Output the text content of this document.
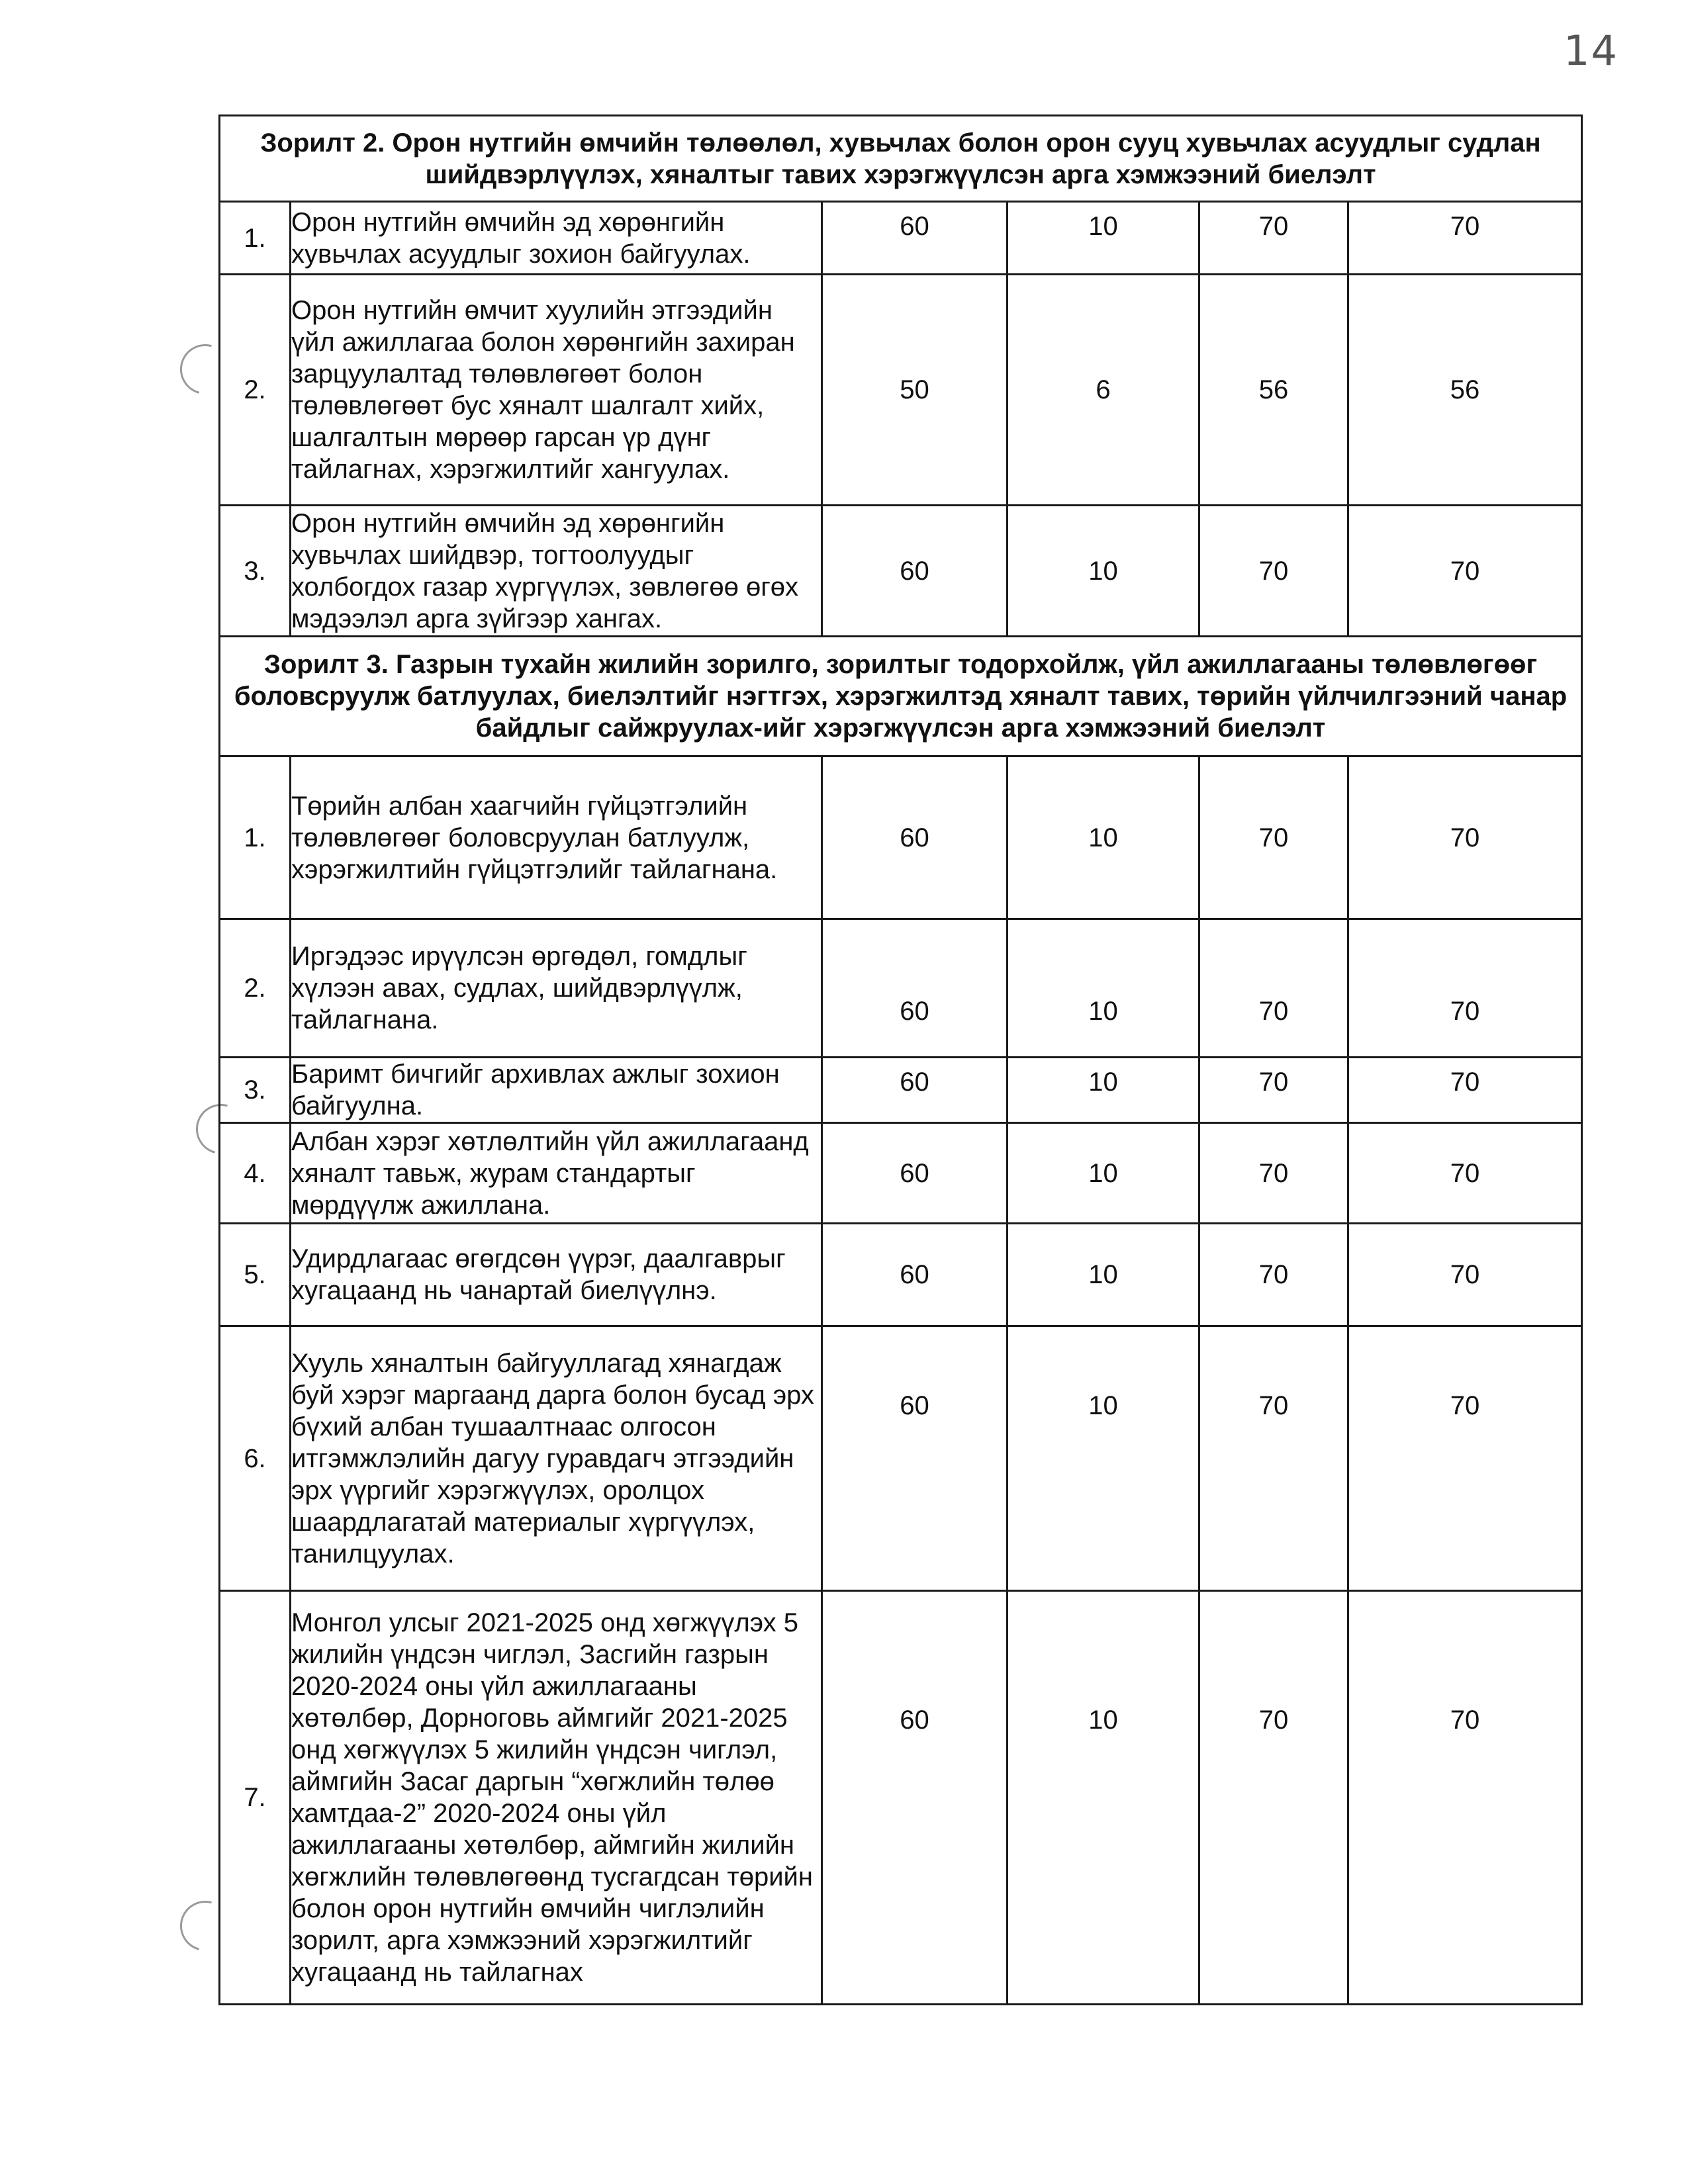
14
Зорилт 2. Орон нутгийн өмчийн төлөөлөл, хувьчлах болон орон сууц хувьчлах асуудлыг судлан шийдвэрлүүлэх, хяналтыг тавих хэрэгжүүлсэн арга хэмжээний биелэлт					
1.	Орон нутгийн өмчийн эд хөрөнгийн хувьчлах асуудлыг зохион байгуулах.	60	10	70	70
2.	Орон нутгийн өмчит хуулийн этгээдийн үйл ажиллагаа болон хөрөнгийн захиран зарцуулалтад төлөвлөгөөт болон төлөвлөгөөт бус хяналт шалгалт хийх, шалгалтын мөрөөр гарсан үр дүнг тайлагнах, хэрэгжилтийг хангуулах.	50	6	56	56
3.	Орон нутгийн өмчийн эд хөрөнгийн хувьчлах шийдвэр, тогтоолуудыг холбогдох газар хүргүүлэх, зөвлөгөө өгөх мэдээлэл арга зүйгээр хангах.	60	10	70	70
Зорилт 3. Газрын тухайн жилийн зорилго, зорилтыг тодорхойлж, үйл ажиллагааны төлөвлөгөөг боловсруулж батлуулах, биелэлтийг нэгтгэх, хэрэгжилтэд хяналт тавих, төрийн үйлчилгээний чанар байдлыг сайжруулах-ийг хэрэгжүүлсэн арга хэмжээний биелэлт					
1.	Төрийн албан хаагчийн гүйцэтгэлийн төлөвлөгөөг боловсруулан батлуулж, хэрэгжилтийн гүйцэтгэлийг тайлагнана.	60	10	70	70
2.	Иргэдээс ирүүлсэн өргөдөл, гомдлыг хүлээн авах, судлах, шийдвэрлүүлж, тайлагнана.	60	10	70	70
3.	Баримт бичгийг архивлах ажлыг зохион байгуулна.	60	10	70	70
4.	Албан хэрэг хөтлөлтийн үйл ажиллагаанд хяналт тавьж, журам стандартыг мөрдүүлж ажиллана.	60	10	70	70
5.	Удирдлагаас өгөгдсөн үүрэг, даалгаврыг хугацаанд нь чанартай биелүүлнэ.	60	10	70	70
6.	Хууль хяналтын байгууллагад хянагдаж буй хэрэг маргаанд дарга болон бусад эрх бүхий албан тушаалтнаас олгосон итгэмжлэлийн дагуу гуравдагч этгээдийн эрх үүргийг хэрэгжүүлэх, оролцох шаардлагатай материалыг хүргүүлэх, танилцуулах.	60	10	70	70
7.	Монгол улсыг 2021-2025 онд хөгжүүлэх 5 жилийн үндсэн чиглэл, Засгийн газрын 2020-2024 оны үйл ажиллагааны хөтөлбөр, Дорноговь аймгийг 2021-2025 онд хөгжүүлэх 5 жилийн үндсэн чиглэл, аймгийн Засаг даргын “хөгжлийн төлөө хамтдаа-2” 2020-2024 оны үйл ажиллагааны хөтөлбөр, аймгийн жилийн хөгжлийн төлөвлөгөөнд тусгагдсан төрийн болон орон нутгийн өмчийн чиглэлийн зорилт, арга хэмжээний хэрэгжилтийг хугацаанд нь тайлагнах	60	10	70	70
